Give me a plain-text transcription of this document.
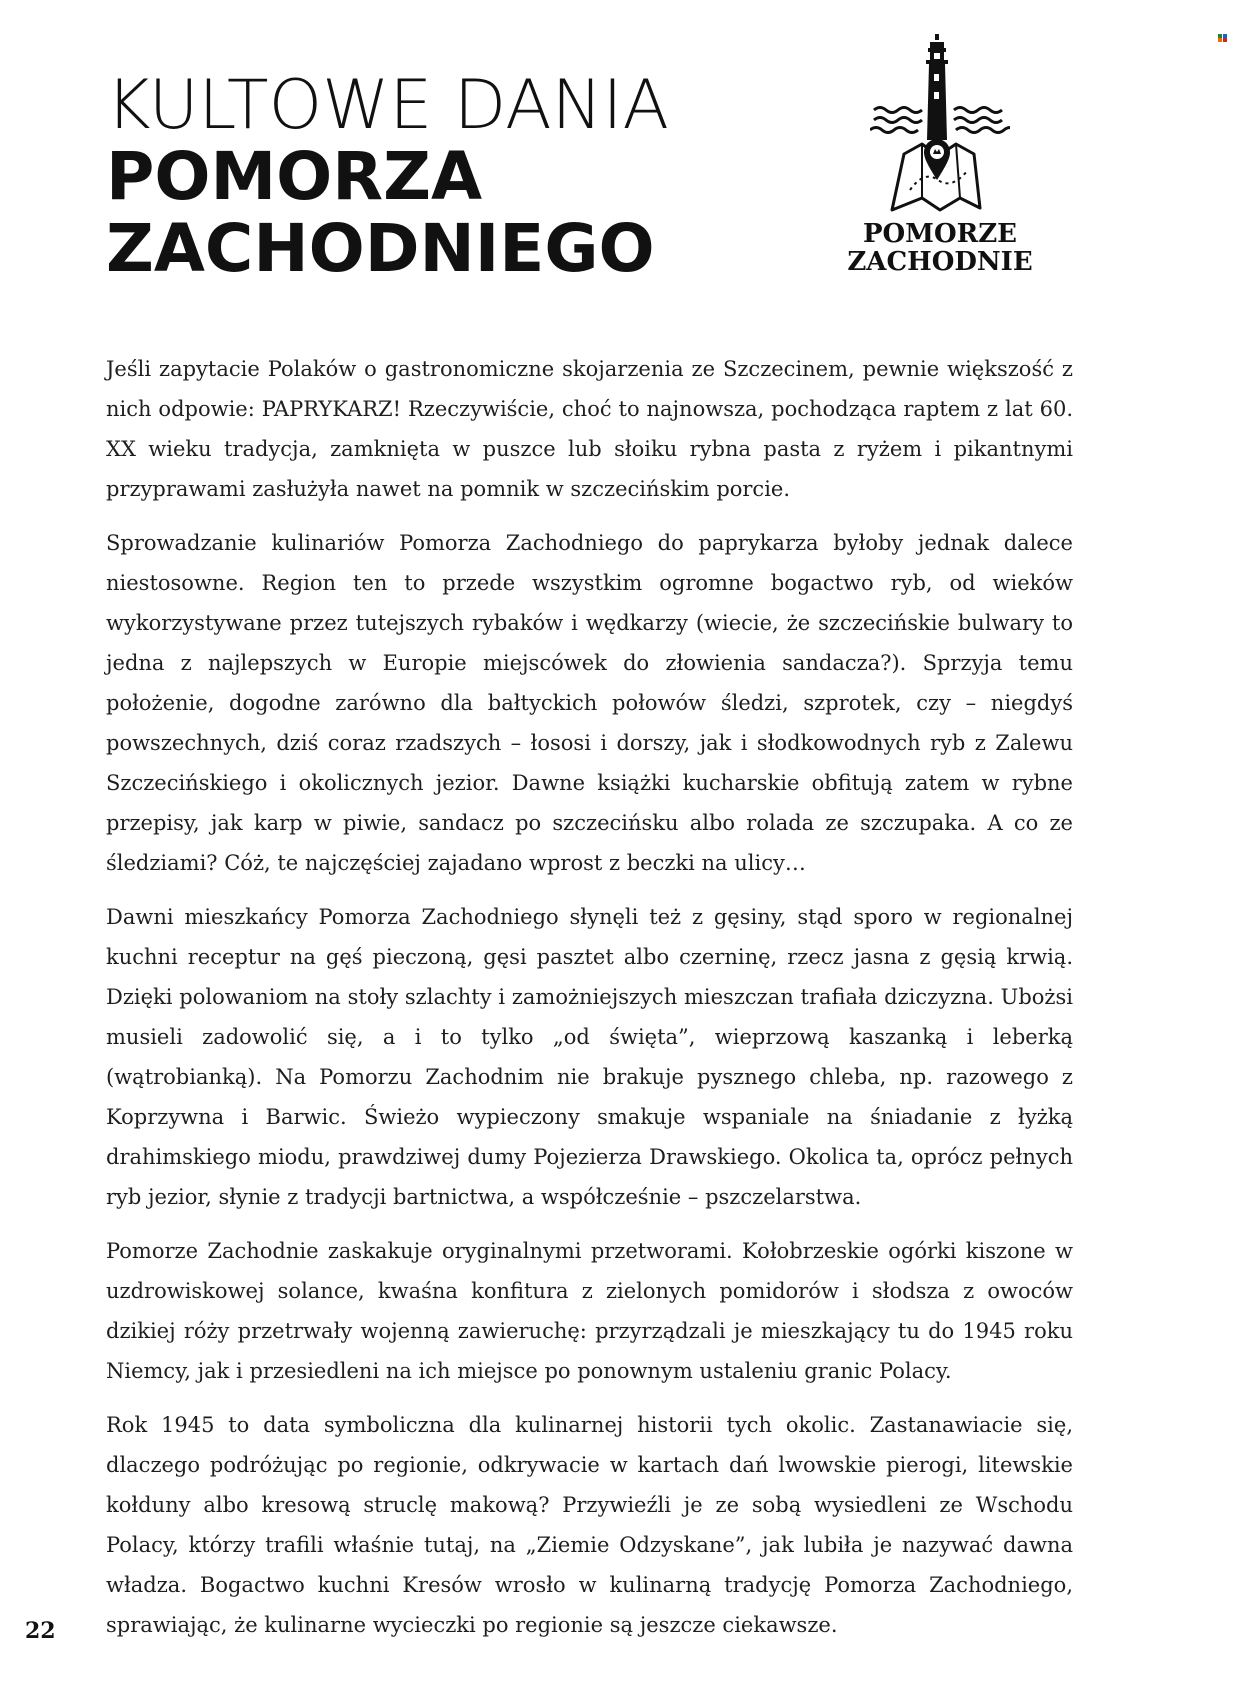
KULTOWE DANIA
POMORZA
ZACHODNIEGO	POMORZE
ZACHODNIE

Jeśli zapytacie Polaków o gastronomiczne skojarzenia ze Szczecinem, pewnie większość z nich odpowie: PAPRYKARZ! Rzeczywiście, choć to najnowsza, pochodząca raptem z lat 60. XX wieku tradycja, zamknięta w puszce lub słoiku rybna pasta z ryżem i pikantnymi przyprawami zasłużyła nawet na pomnik w szczecińskim porcie.

Sprowadzanie kulinariów Pomorza Zachodniego do paprykarza byłoby jednak dalece niestosowne. Region ten to przede wszystkim ogromne bogactwo ryb, od wieków wykorzystywane przez tutejszych rybaków i wędkarzy (wiecie, że szczecińskie bulwary to jedna z najlepszych w Europie miejscówek do złowienia sandacza?). Sprzyja temu położenie, dogodne zarówno dla bałtyckich połowów śledzi, szprotek, czy – niegdyś powszechnych, dziś coraz rzadszych – łososi i dorszy, jak i słodkowodnych ryb z Zalewu Szczecińskiego i okolicznych jezior. Dawne książki kucharskie obfitują zatem w rybne przepisy, jak karp w piwie, sandacz po szczecińsku albo rolada ze szczupaka. A co ze śledziami? Cóż, te najczęściej zajadano wprost z beczki na ulicy…

Dawni mieszkańcy Pomorza Zachodniego słynęli też z gęsiny, stąd sporo w regionalnej kuchni receptur na gęś pieczoną, gęsi pasztet albo czerninę, rzecz jasna z gęsią krwią. Dzięki polowaniom na stoły szlachty i zamożniejszych mieszczan trafiała dziczyzna. Ubożsi musieli zadowolić się, a i to tylko „od święta”, wieprzową kaszanką i leberką (wątrobianką). Na Pomorzu Zachodnim nie brakuje pysznego chleba, np. razowego z Koprzywna i Barwic. Świeżo wypieczony smakuje wspaniale na śniadanie z łyżką drahimskiego miodu, prawdziwej dumy Pojezierza Drawskiego. Okolica ta, oprócz pełnych ryb jezior, słynie z tradycji bartnictwa, a współcześnie – pszczelarstwa.

Pomorze Zachodnie zaskakuje oryginalnymi przetworami. Kołobrzeskie ogórki kiszone w uzdrowiskowej solance, kwaśna konfitura z zielonych pomidorów i słodsza z owoców dzikiej róży przetrwały wojenną zawieruchę: przyrządzali je mieszkający tu do 1945 roku Niemcy, jak i przesiedleni na ich miejsce po ponownym ustaleniu granic Polacy.

Rok 1945 to data symboliczna dla kulinarnej historii tych okolic. Zastanawiacie się, dlaczego podróżując po regionie, odkrywacie w kartach dań lwowskie pierogi, litewskie kołduny albo kresową struclę makową? Przywieźli je ze sobą wysiedleni ze Wschodu Polacy, którzy trafili właśnie tutaj, na „Ziemie Odzyskane”, jak lubiła je nazywać dawna władza. Bogactwo kuchni Kresów wrosło w kulinarną tradycję Pomorza Zachodniego, sprawiając, że kulinarne wycieczki po regionie są jeszcze ciekawsze.

22
